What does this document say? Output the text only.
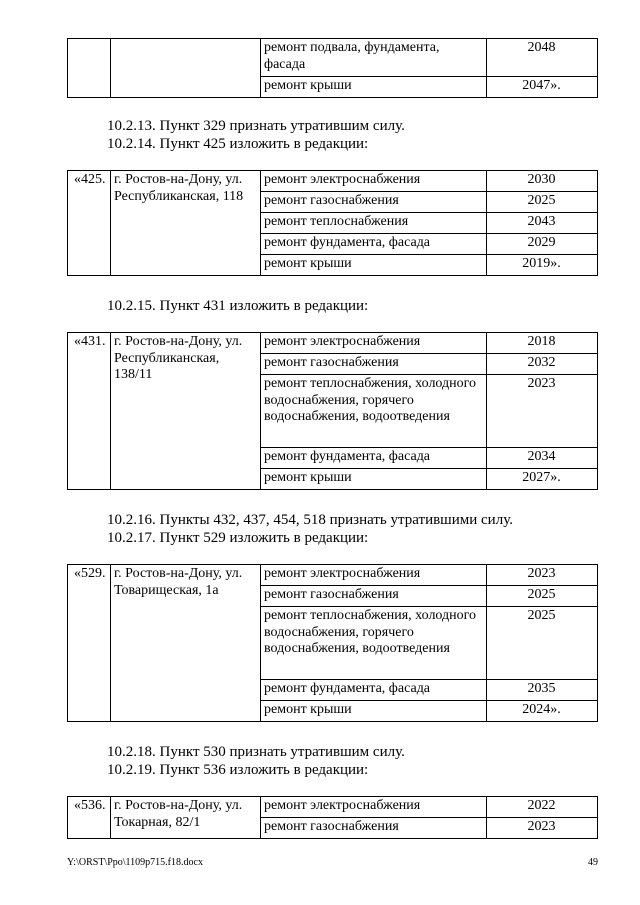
		ремонт подвала, фундамента, фасада	2048
		ремонт крыши	2047».

10.2.13. Пункт 329 признать утратившим силу.

10.2.14. Пункт 425 изложить в редакции:

«425.	г. Ростов-на-Дону, ул. Республиканская, 118	ремонт электроснабжения	2030
		ремонт газоснабжения	2025
		ремонт теплоснабжения	2043
		ремонт фундамента, фасада	2029
		ремонт крыши	2019».

10.2.15. Пункт 431 изложить в редакции:

«431.	г. Ростов-на-Дону, ул. Республиканская, 138/11	ремонт электроснабжения	2018
		ремонт газоснабжения	2032
		ремонт теплоснабжения, холодного водоснабжения, горячего водоснабжения, водоотведения	2023
		ремонт фундамента, фасада	2034
		ремонт крыши	2027».

10.2.16. Пункты 432, 437, 454, 518 признать утратившими силу.

10.2.17. Пункт 529 изложить в редакции:

«529.	г. Ростов-на-Дону, ул. Товарищеская, 1а	ремонт электроснабжения	2023
		ремонт газоснабжения	2025
		ремонт теплоснабжения, холодного водоснабжения, горячего водоснабжения, водоотведения	2025
		ремонт фундамента, фасада	2035
		ремонт крыши	2024».

10.2.18. Пункт 530 признать утратившим силу.

10.2.19. Пункт 536 изложить в редакции:

«536.	г. Ростов-на-Дону, ул. Токарная, 82/1	ремонт электроснабжения	2022
		ремонт газоснабжения	2023
Y:\ORST\Ppo\1109p715.f18.docx	49
